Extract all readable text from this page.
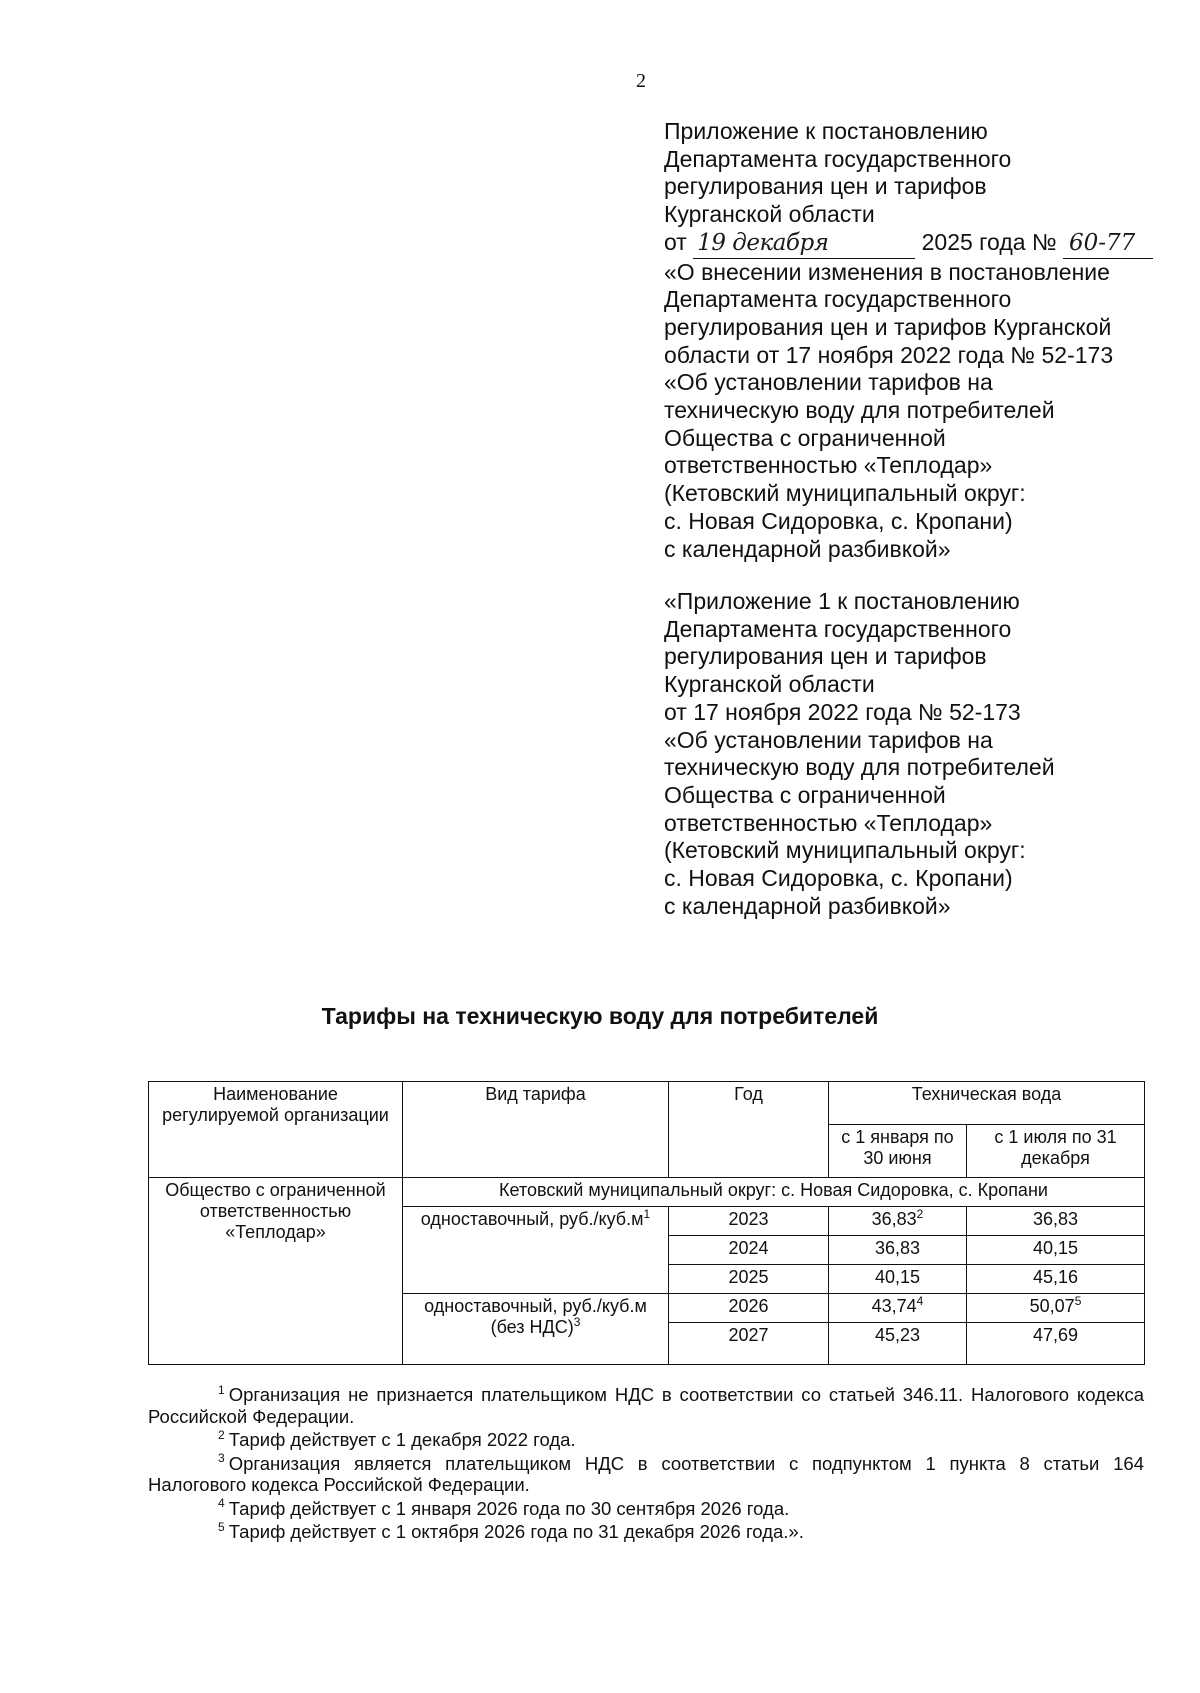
2
Приложение к постановлению
Департамента государственного
регулирования цен и тарифов
Курганской области
от 19 декабря	2025 года № 60-77
«О внесении изменения в постановление
Департамента государственного
регулирования цен и тарифов Курганской
области от 17 ноября 2022 года № 52-173
«Об установлении тарифов на
техническую воду для потребителей
Общества с ограниченной
ответственностью «Теплодар»
(Кетовский муниципальный округ:
с. Новая Сидоровка, с. Кропани)
с календарной разбивкой»
«Приложение 1 к постановлению
Департамента государственного
регулирования цен и тарифов
Курганской области
от 17 ноября 2022 года № 52-173
«Об установлении тарифов на
техническую воду для потребителей
Общества с ограниченной
ответственностью «Теплодар»
(Кетовский муниципальный округ:
с. Новая Сидоровка, с. Кропани)
с календарной разбивкой»
Тарифы на техническую воду для потребителей
Наименование регулируемой организации	Вид тарифа	Год	Техническая вода	
			с 1 января по 30 июня	с 1 июля по 31 декабря
Общество с ограниченной ответственностью «Теплодар»	Кетовский муниципальный округ: с. Новая Сидоровка, с. Кропани			
	одноставочный, $руб./куб.м^1$	2023	36,83$^2$	36,83
		2024	36,83	40,15
		2025	40,15	45,16
	одноставочный, руб./куб.м (без НДС)$^3$	2026	43,74$^4$	50,07$^5$
		2027	45,23	47,69

$^1$ Организация не признается плательщиком НДС в соответствии со статьей 346.11. Налогового кодекса Российской Федерации.

$^2$ Тариф действует с 1 декабря 2022 года.

$^3$ Организация является плательщиком НДС в соответствии с подпунктом 1 пункта 8 статьи 164 Налогового кодекса Российской Федерации.

$^4$ Тариф действует с 1 января 2026 года по 30 сентября 2026 года.

$^5$ Тариф действует с 1 октября 2026 года по 31 декабря 2026 года.».
